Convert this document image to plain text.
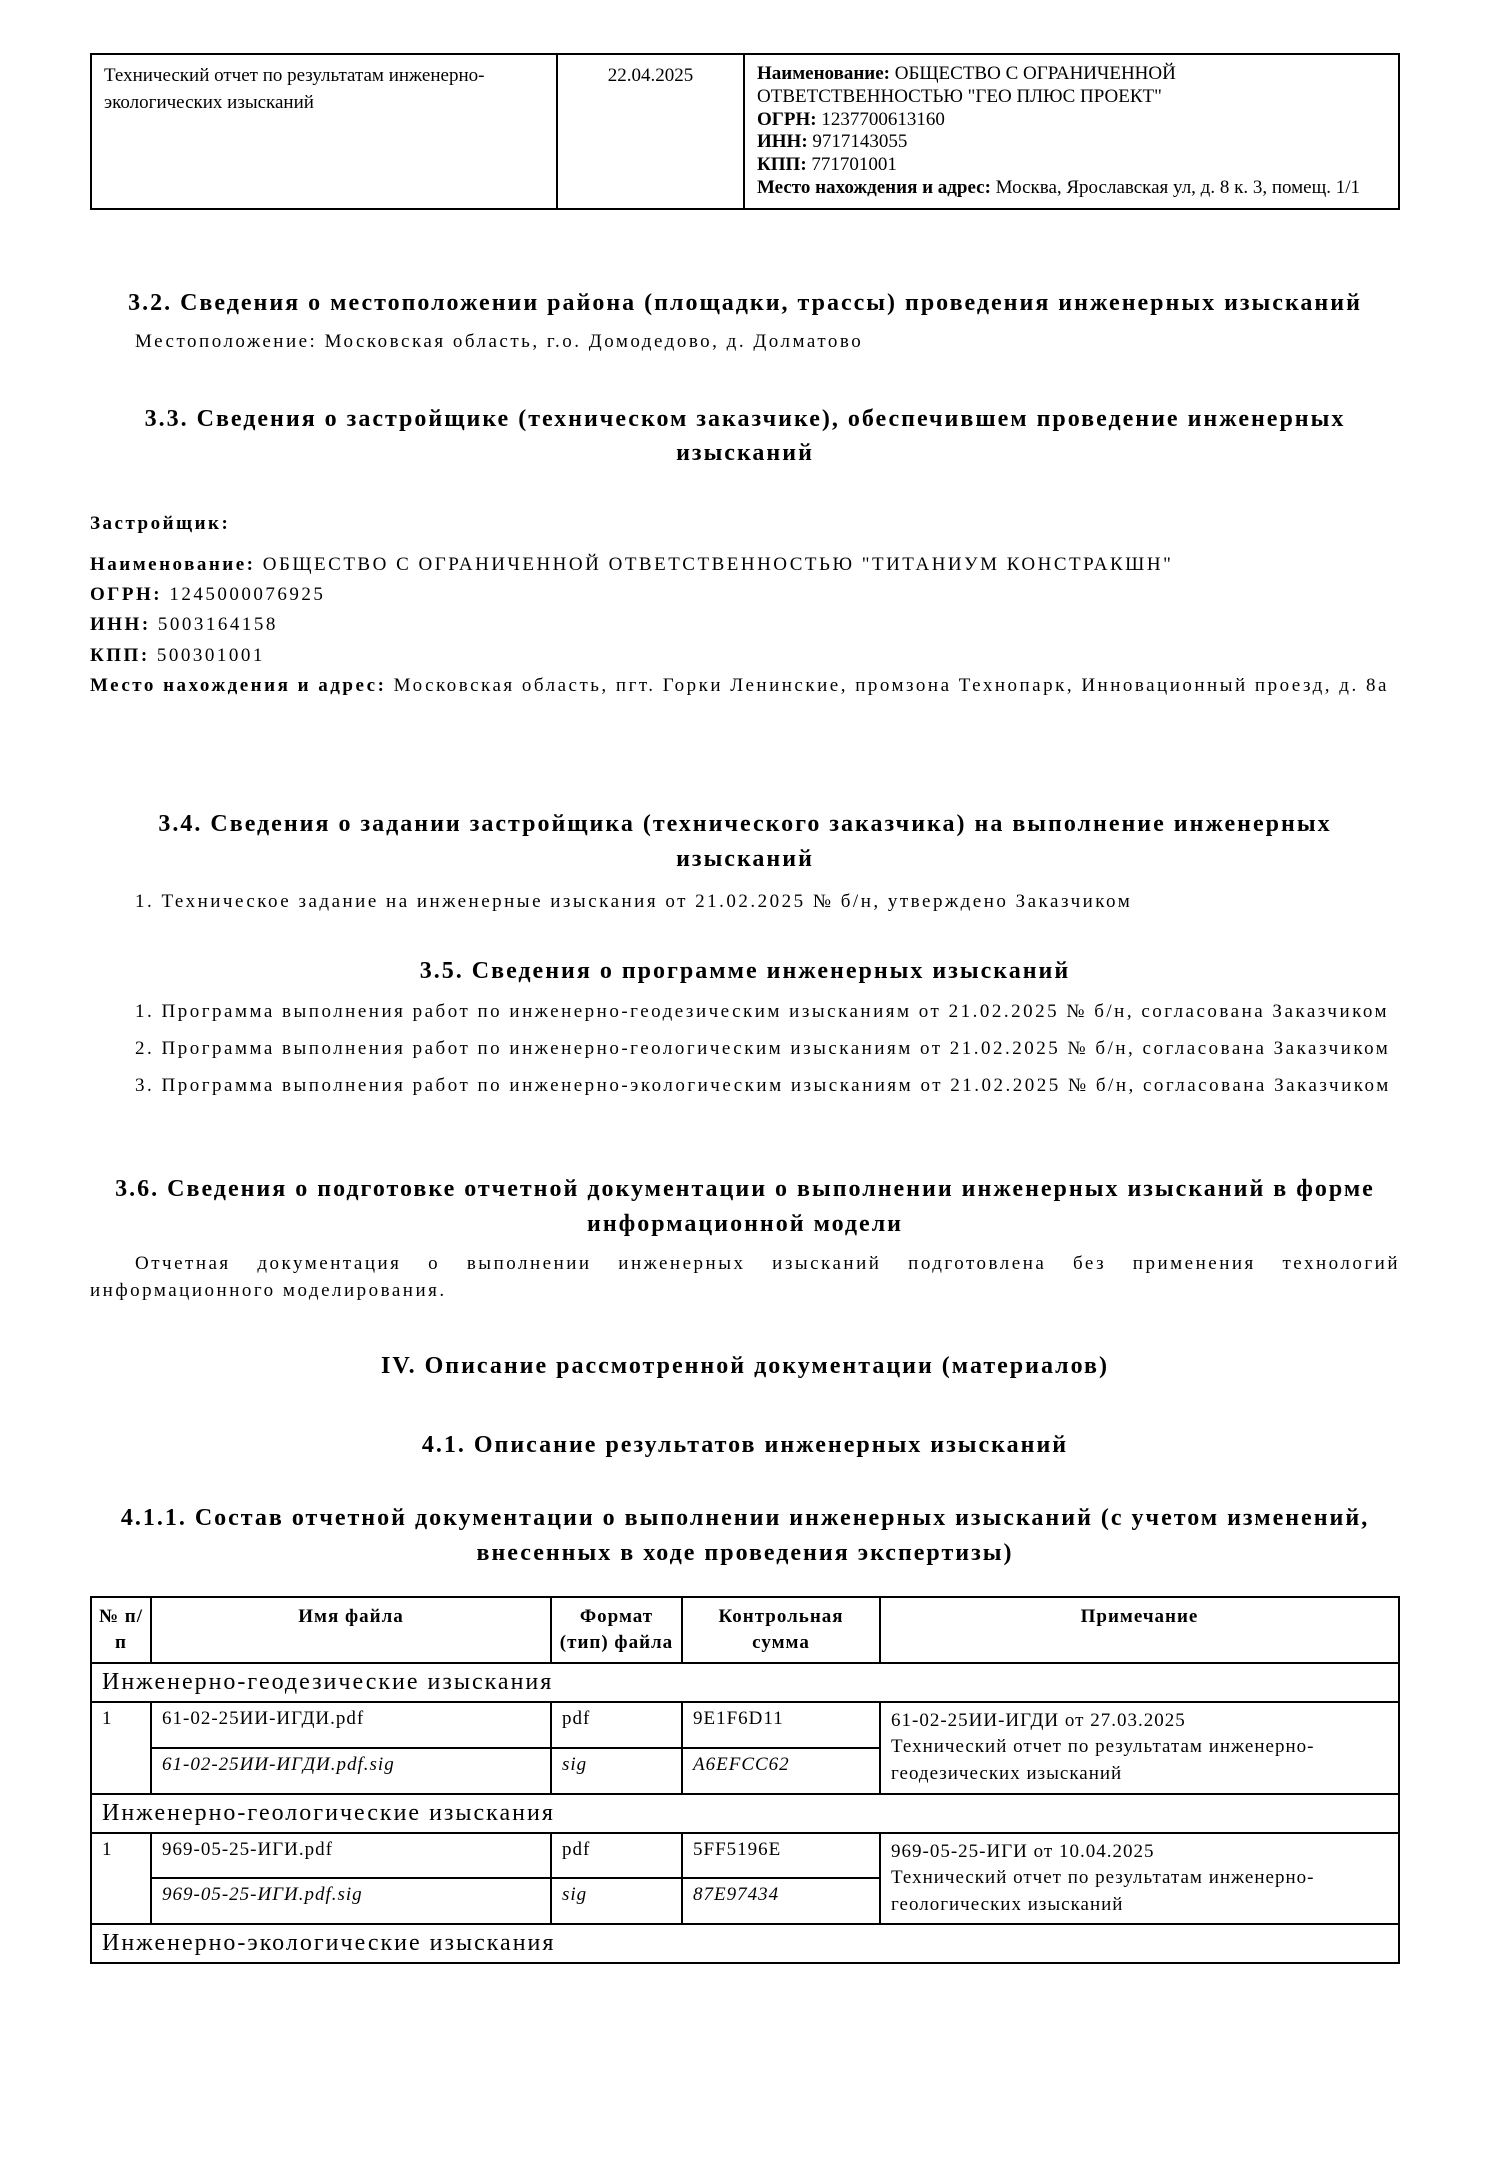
Технический отчет по результатам инженерно-экологических изысканий	22.04.2025	Наименование: ОБЩЕСТВО С ОГРАНИЧЕННОЙ ОТВЕТСТВЕННОСТЬЮ "ГЕО ПЛЮС ПРОЕКТ"
ОГРН: 1237700613160
ИНН: 9717143055
КПП: 771701001
Место нахождения и адрес: Москва, Ярославская ул, д. 8 к. 3, помещ. 1/1
3.2. Сведения о местоположении района (площадки, трассы) проведения инженерных изысканий

Местоположение: Московская область, г.о. Домодедово, д. Долматово

3.3. Сведения о застройщике (техническом заказчике), обеспечившем проведение инженерных изысканий

Застройщик:

Наименование: ОБЩЕСТВО С ОГРАНИЧЕННОЙ ОТВЕТСТВЕННОСТЬЮ "ТИТАНИУМ КОНСТРАКШН"

ОГРН: 1245000076925

ИНН: 5003164158

КПП: 500301001

Место нахождения и адрес: Московская область, пгт. Горки Ленинские, промзона Технопарк, Инновационный проезд, д. 8а

3.4. Сведения о задании застройщика (технического заказчика) на выполнение инженерных изысканий

1. Техническое задание на инженерные изыскания от 21.02.2025 № б/н, утверждено Заказчиком

3.5. Сведения о программе инженерных изысканий

1. Программа выполнения работ по инженерно-геодезическим изысканиям от 21.02.2025 № б/н, согласована Заказчиком

2. Программа выполнения работ по инженерно-геологическим изысканиям от 21.02.2025 № б/н, согласована Заказчиком

3. Программа выполнения работ по инженерно-экологическим изысканиям от 21.02.2025 № б/н, согласована Заказчиком

3.6. Сведения о подготовке отчетной документации о выполнении инженерных изысканий в форме информационной модели

Отчетная документация о выполнении инженерных изысканий подготовлена без применения технологий информационного моделирования.

IV. Описание рассмотренной документации (материалов)
4.1. Описание результатов инженерных изысканий
4.1.1. Состав отчетной документации о выполнении инженерных изысканий (с учетом изменений, внесенных в ходе проведения экспертизы)
№ п/п	Имя файла	Формат (тип) файла	Контрольная сумма	Примечание
Инженерно-геодезические изыскания				
1	61-02-25ИИ-ИГДИ.pdf	pdf	9E1F6D11	61-02-25ИИ-ИГДИ от 27.03.2025
Технический отчет по результатам инженерно-геодезических изысканий

	61-02-25ИИ-ИГДИ.pdf.sig	sig	A6EFCC62	
Инженерно-геологические изыскания				
1	969-05-25-ИГИ.pdf	pdf	5FF5196E	969-05-25-ИГИ от 10.04.2025
Технический отчет по результатам инженерно-геологических изысканий

	969-05-25-ИГИ.pdf.sig	sig	87E97434	
Инженерно-экологические изыскания				
